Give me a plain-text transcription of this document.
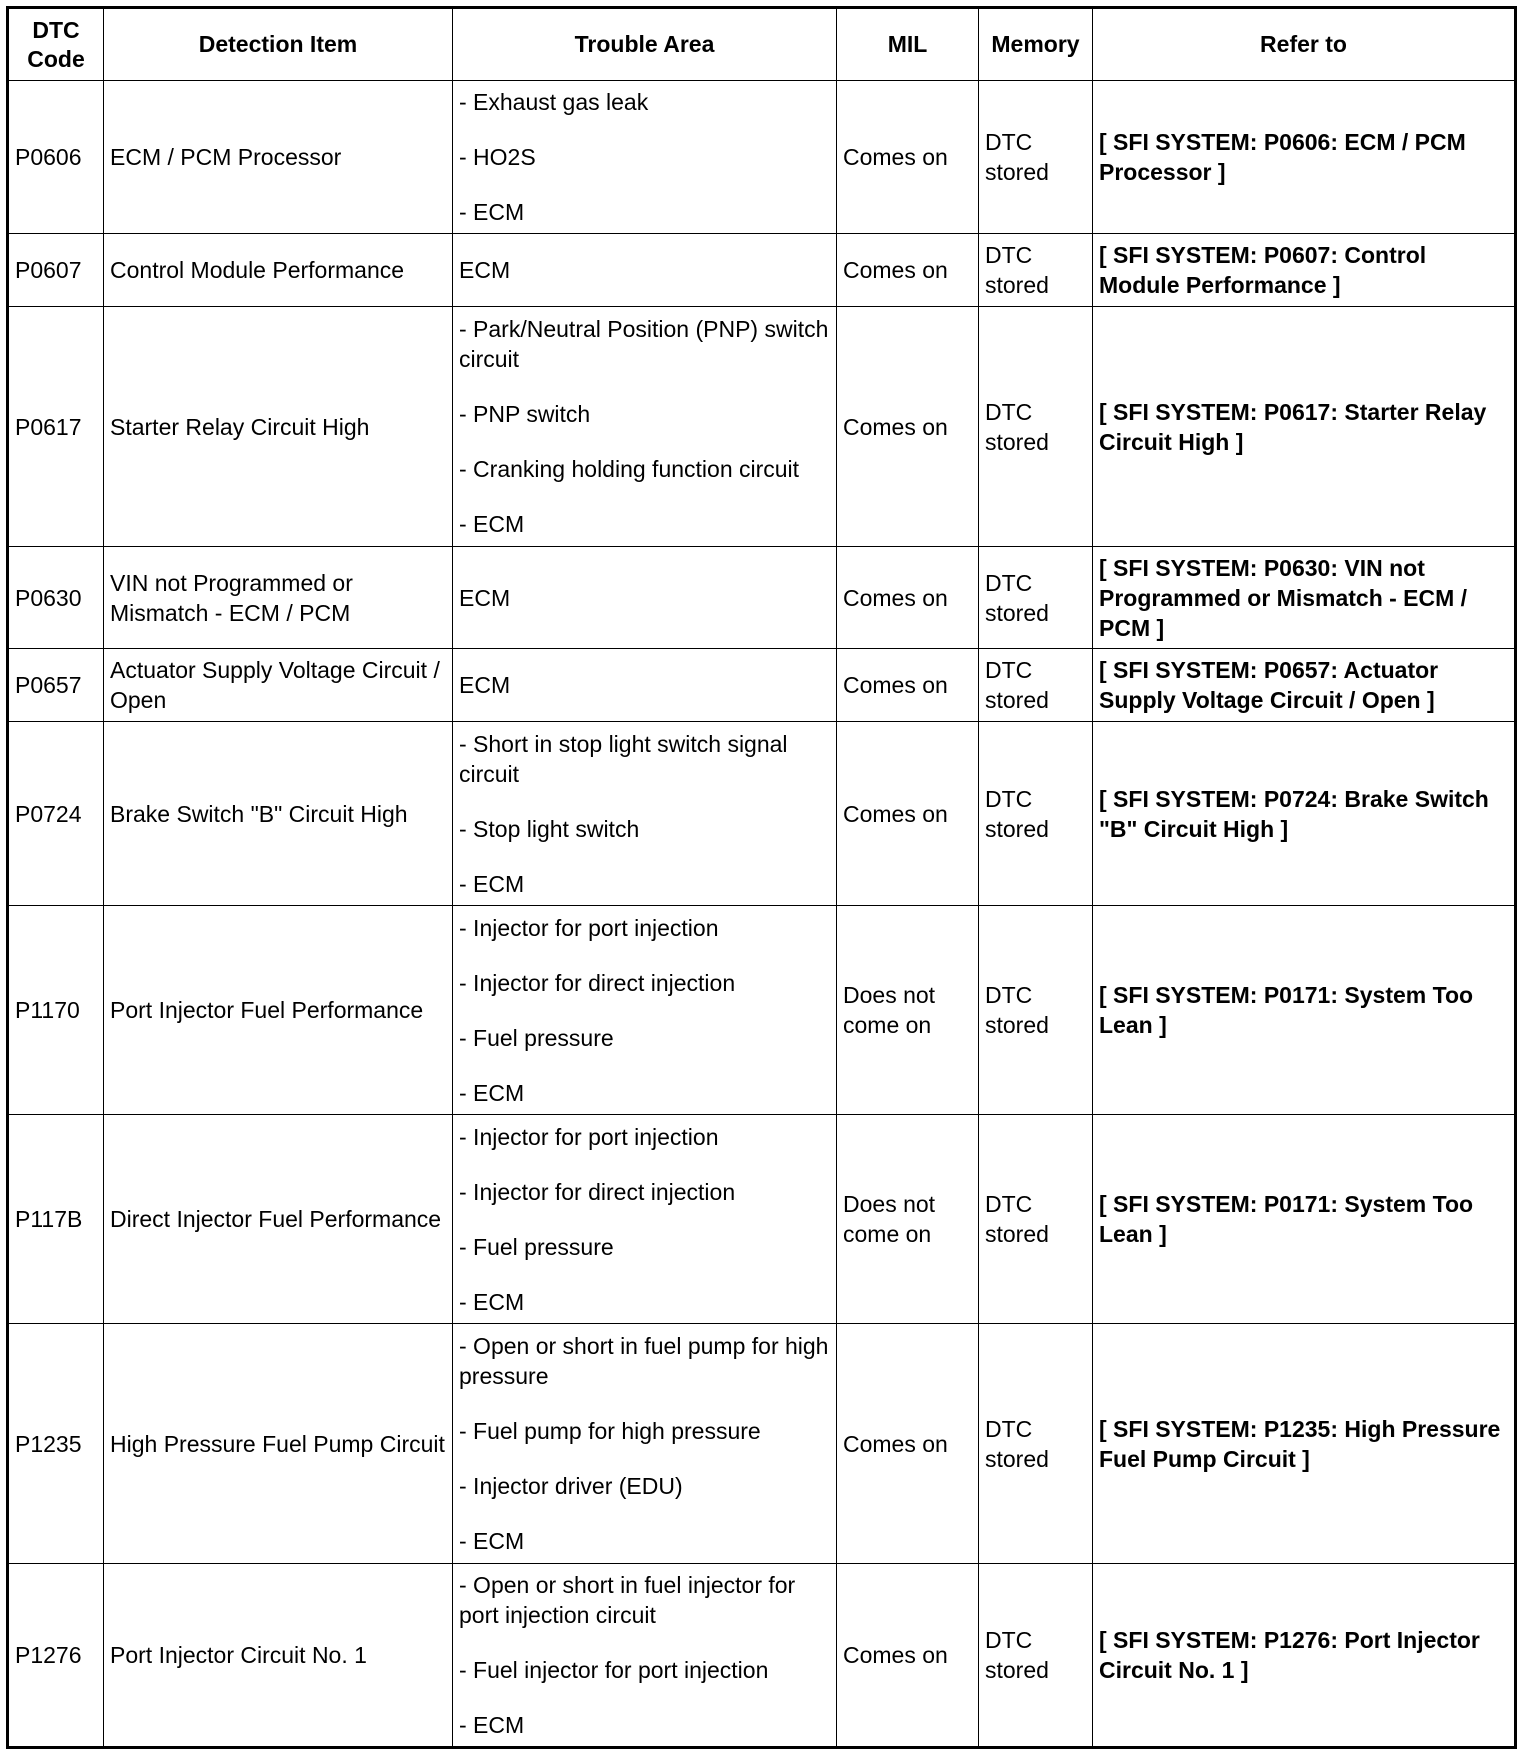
DTC Code	Detection Item	Trouble Area	MIL	Memory	Refer to
P0606	ECM / PCM Processor	- Exhaust gas leak
- HO2S
- ECM	Comes on	DTC stored	[ SFI SYSTEM: P0606: ECM / PCM Processor ]
P0607	Control Module Performance	ECM	Comes on	DTC stored	[ SFI SYSTEM: P0607: Control Module Performance ]
P0617	Starter Relay Circuit High	- Park/Neutral Position (PNP) switch circuit
- PNP switch
- Cranking holding function circuit
- ECM	Comes on	DTC stored	[ SFI SYSTEM: P0617: Starter Relay Circuit High ]
P0630	VIN not Programmed or Mismatch - ECM / PCM	ECM	Comes on	DTC stored	[ SFI SYSTEM: P0630: VIN not Programmed or Mismatch - ECM / PCM ]
P0657	Actuator Supply Voltage Circuit / Open	ECM	Comes on	DTC stored	[ SFI SYSTEM: P0657: Actuator Supply Voltage Circuit / Open ]
P0724	Brake Switch "B" Circuit High	- Short in stop light switch signal circuit
- Stop light switch
- ECM	Comes on	DTC stored	[ SFI SYSTEM: P0724: Brake Switch "B" Circuit High ]
P1170	Port Injector Fuel Performance	- Injector for port injection
- Injector for direct injection
- Fuel pressure
- ECM	Does not come on	DTC stored	[ SFI SYSTEM: P0171: System Too Lean ]
P117B	Direct Injector Fuel Performance	- Injector for port injection
- Injector for direct injection
- Fuel pressure
- ECM	Does not come on	DTC stored	[ SFI SYSTEM: P0171: System Too Lean ]
P1235	High Pressure Fuel Pump Circuit	- Open or short in fuel pump for high pressure
- Fuel pump for high pressure
- Injector driver (EDU)
- ECM	Comes on	DTC stored	[ SFI SYSTEM: P1235: High Pressure Fuel Pump Circuit ]
P1276	Port Injector Circuit No. 1	- Open or short in fuel injector for port injection circuit
- Fuel injector for port injection
- ECM	Comes on	DTC stored	[ SFI SYSTEM: P1276: Port Injector Circuit No. 1 ]
